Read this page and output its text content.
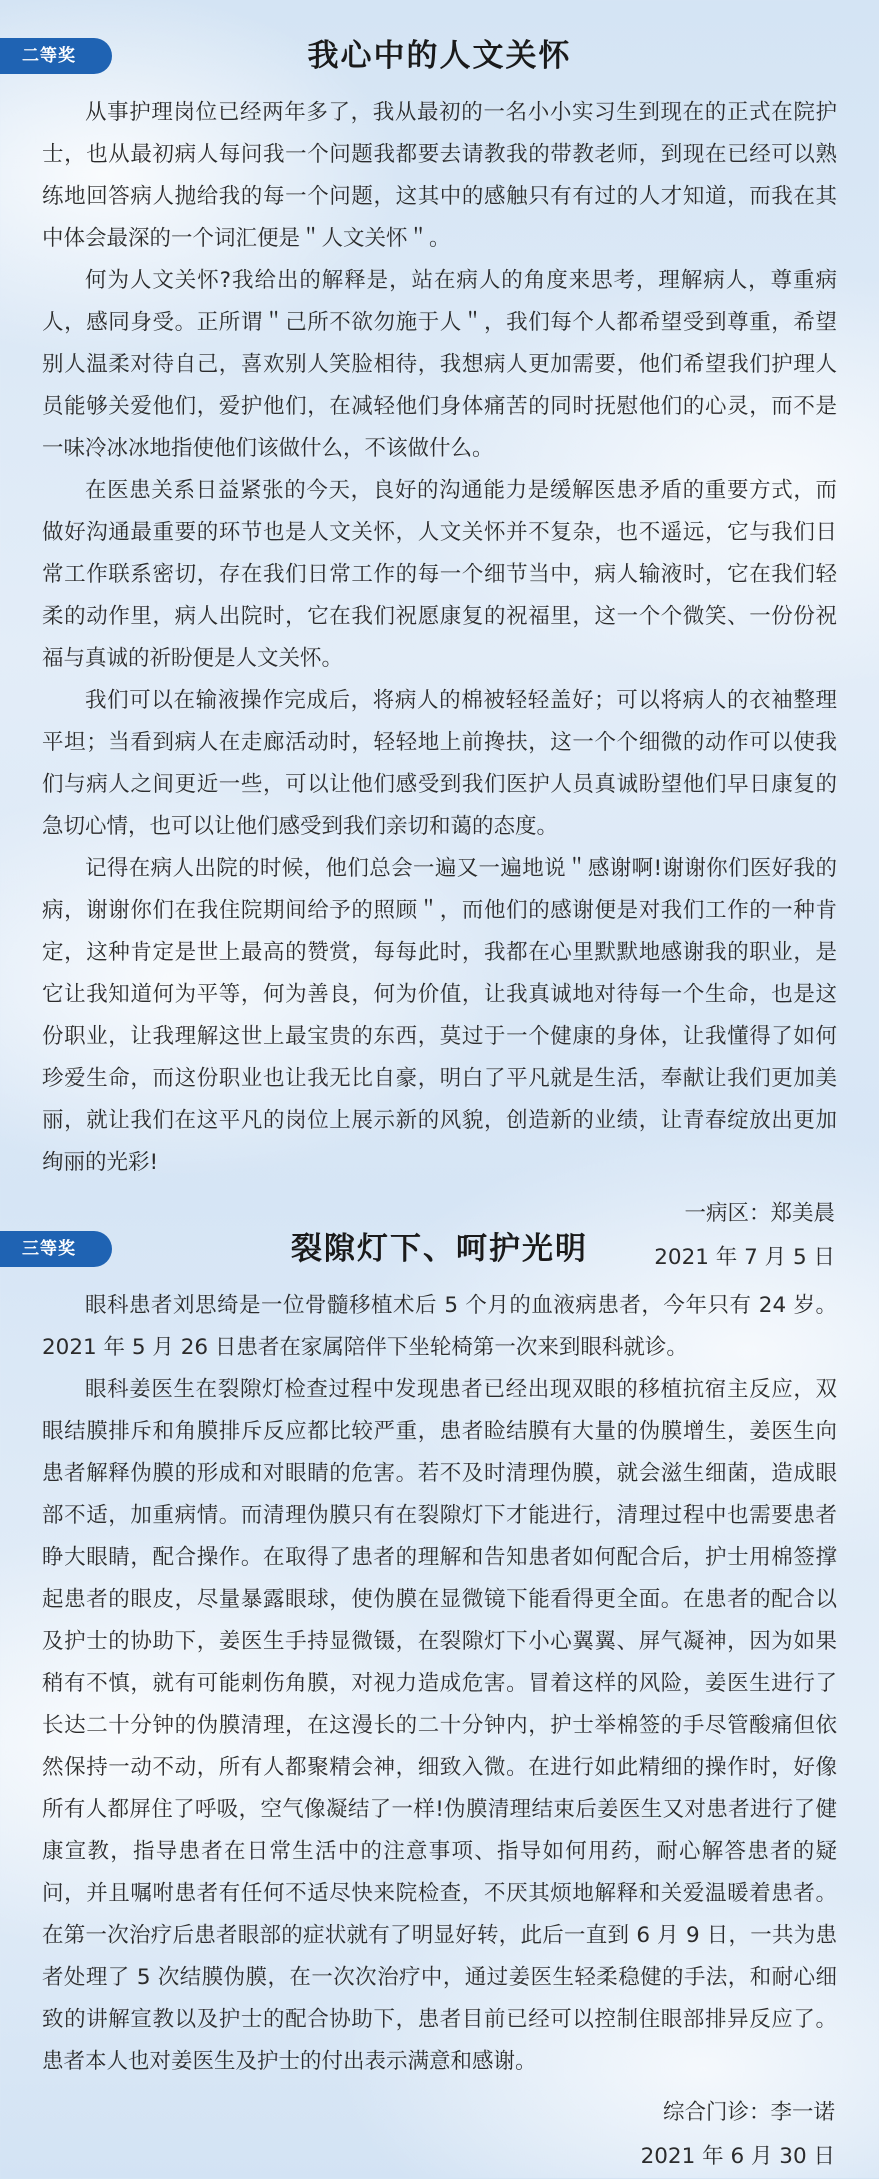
二等奖	我心中的人文关怀

从事护理岗位已经两年多了，我从最初的一名小小实习生到现在的正式在院护士，也从最初病人每问我一个问题我都要去请教我的带教老师，到现在已经可以熟练地回答病人抛给我的每一个问题，这其中的感触只有有过的人才知道，而我在其中体会最深的一个词汇便是＂人文关怀＂。

何为人文关怀?我给出的解释是，站在病人的角度来思考，理解病人，尊重病人，感同身受。正所谓＂己所不欲勿施于人＂，我们每个人都希望受到尊重，希望别人温柔对待自己，喜欢别人笑脸相待，我想病人更加需要，他们希望我们护理人员能够关爱他们，爱护他们，在减轻他们身体痛苦的同时抚慰他们的心灵，而不是一味冷冰冰地指使他们该做什么，不该做什么。

在医患关系日益紧张的今天，良好的沟通能力是缓解医患矛盾的重要方式，而做好沟通最重要的环节也是人文关怀，人文关怀并不复杂，也不遥远，它与我们日常工作联系密切，存在我们日常工作的每一个细节当中，病人输液时，它在我们轻柔的动作里，病人出院时，它在我们祝愿康复的祝福里，这一个个微笑、一份份祝福与真诚的祈盼便是人文关怀。

我们可以在输液操作完成后，将病人的棉被轻轻盖好；可以将病人的衣袖整理平坦；当看到病人在走廊活动时，轻轻地上前搀扶，这一个个细微的动作可以使我们与病人之间更近一些，可以让他们感受到我们医护人员真诚盼望他们早日康复的急切心情，也可以让他们感受到我们亲切和蔼的态度。

记得在病人出院的时候，他们总会一遍又一遍地说＂感谢啊!谢谢你们医好我的病，谢谢你们在我住院期间给予的照顾＂，而他们的感谢便是对我们工作的一种肯定，这种肯定是世上最高的赞赏，每每此时，我都在心里默默地感谢我的职业，是它让我知道何为平等，何为善良，何为价值，让我真诚地对待每一个生命，也是这份职业，让我理解这世上最宝贵的东西，莫过于一个健康的身体，让我懂得了如何珍爱生命，而这份职业也让我无比自豪，明白了平凡就是生活，奉献让我们更加美丽，就让我们在这平凡的岗位上展示新的风貌，创造新的业绩，让青春绽放出更加绚丽的光彩!

一病区：郑美晨
2021 年 7 月 5 日
三等奖	裂隙灯下、呵护光明

眼科患者刘思绮是一位骨髓移植术后 5 个月的血液病患者，今年只有 24 岁。2021 年 5 月 26 日患者在家属陪伴下坐轮椅第一次来到眼科就诊。

眼科姜医生在裂隙灯检查过程中发现患者已经出现双眼的移植抗宿主反应，双眼结膜排斥和角膜排斥反应都比较严重，患者睑结膜有大量的伪膜增生，姜医生向患者解释伪膜的形成和对眼睛的危害。若不及时清理伪膜，就会滋生细菌，造成眼部不适，加重病情。而清理伪膜只有在裂隙灯下才能进行，清理过程中也需要患者睁大眼睛，配合操作。在取得了患者的理解和告知患者如何配合后，护士用棉签撑起患者的眼皮，尽量暴露眼球，使伪膜在显微镜下能看得更全面。在患者的配合以及护士的协助下，姜医生手持显微镊，在裂隙灯下小心翼翼、屏气凝神，因为如果稍有不慎，就有可能刺伤角膜，对视力造成危害。冒着这样的风险，姜医生进行了长达二十分钟的伪膜清理，在这漫长的二十分钟内，护士举棉签的手尽管酸痛但依然保持一动不动，所有人都聚精会神，细致入微。在进行如此精细的操作时，好像所有人都屏住了呼吸，空气像凝结了一样!伪膜清理结束后姜医生又对患者进行了健康宣教，指导患者在日常生活中的注意事项、指导如何用药，耐心解答患者的疑问，并且嘱咐患者有任何不适尽快来院检查，不厌其烦地解释和关爱温暖着患者。在第一次治疗后患者眼部的症状就有了明显好转，此后一直到 6 月 9 日，一共为患者处理了 5 次结膜伪膜，在一次次治疗中，通过姜医生轻柔稳健的手法，和耐心细致的讲解宣教以及护士的配合协助下，患者目前已经可以控制住眼部排异反应了。患者本人也对姜医生及护士的付出表示满意和感谢。

综合门诊：李一诺
2021 年 6 月 30 日
